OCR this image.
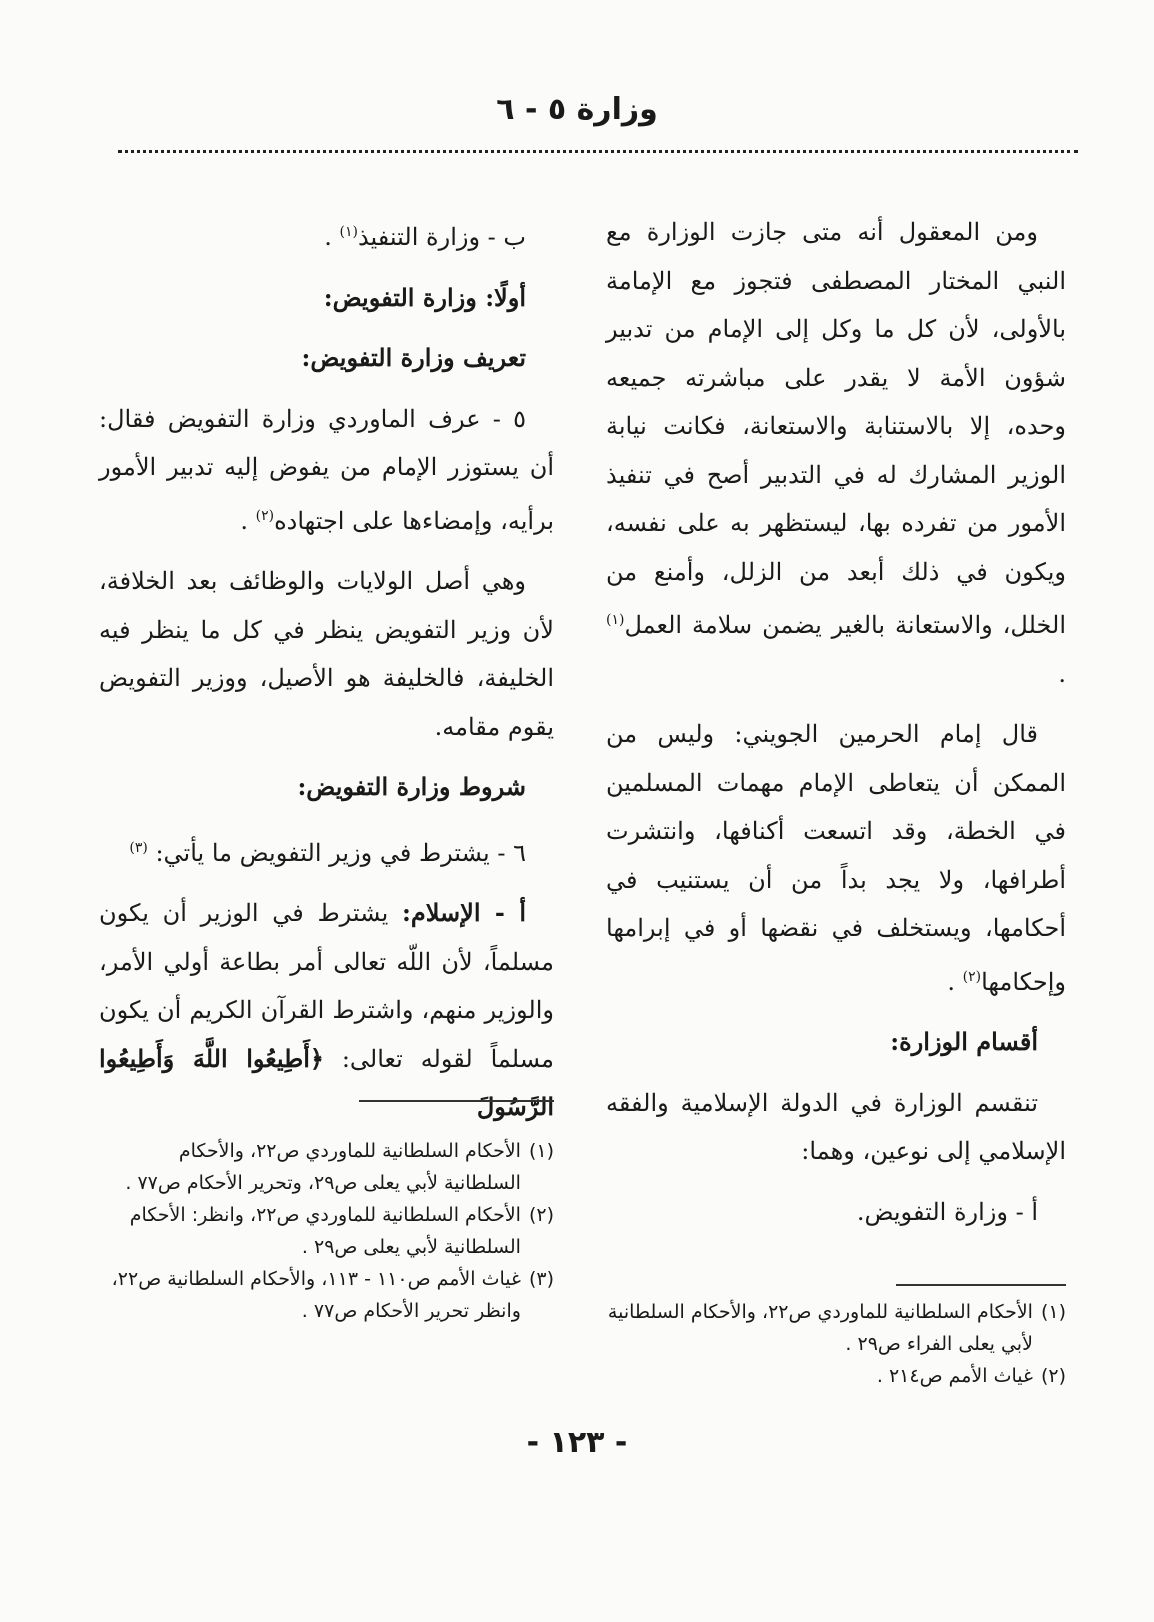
وزارة ٥ - ٦

ومن المعقول أنه متى جازت الوزارة مع النبي المختار المصطفى فتجوز مع الإمامة بالأولى، لأن كل ما وكل إلى الإمام من تدبير شؤون الأمة لا يقدر على مباشرته جميعه وحده، إلا بالاستنابة والاستعانة، فكانت نيابة الوزير المشارك له في التدبير أصح في تنفيذ الأمور من تفرده بها، ليستظهر به على نفسه، ويكون في ذلك أبعد من الزلل، وأمنع من الخلل، والاستعانة بالغير يضمن سلامة العمل$^{(١)}$ .

قال إمام الحرمين الجويني: وليس من الممكن أن يتعاطى الإمام مهمات المسلمين في الخطة، وقد اتسعت أكنافها، وانتشرت أطرافها، ولا يجد بداً من أن يستنيب في أحكامها، ويستخلف في نقضها أو في إبرامها وإحكامها$^{(٢)}$ .

أقسام الوزارة:

تنقسم الوزارة في الدولة الإسلامية والفقه الإسلامي إلى نوعين، وهما:

أ - وزارة التفويض.

(١)
الأحكام السلطانية للماوردي ص٢٢، والأحكام السلطانية لأبي يعلى الفراء ص٢٩ .
(٢)
غياث الأمم ص٢١٤ .

ب - وزارة التنفيذ$^{(١)}$ .

أولًا: وزارة التفويض:
تعريف وزارة التفويض:

٥ - عرف الماوردي وزارة التفويض فقال: أن يستوزر الإمام من يفوض إليه تدبير الأمور برأيه، وإمضاءها على اجتهاده$^{(٢)}$ .

وهي أصل الولايات والوظائف بعد الخلافة، لأن وزير التفويض ينظر في كل ما ينظر فيه الخليفة، فالخليفة هو الأصيل، ووزير التفويض يقوم مقامه.

شروط وزارة التفويض:

٦ - يشترط في وزير التفويض ما يأتي: $^{(٣)}$

أ - الإسلام: يشترط في الوزير أن يكون مسلماً، لأن اللّه تعالى أمر بطاعة أولي الأمر، والوزير منهم، واشترط القرآن الكريم أن يكون مسلماً لقوله تعالى: ﴿أَطِيعُوا اللَّهَ وَأَطِيعُوا الرَّسُولَ

(١)
الأحكام السلطانية للماوردي ص٢٢، والأحكام السلطانية لأبي يعلى ص٢٩، وتحرير الأحكام ص٧٧ .
(٢)
الأحكام السلطانية للماوردي ص٢٢، وانظر: الأحكام السلطانية لأبي يعلى ص٢٩ .
(٣)
غياث الأمم ص١١٠ - ١١٣، والأحكام السلطانية ص٢٢، وانظر تحرير الأحكام ص٧٧ .
- ١٢٣ -
